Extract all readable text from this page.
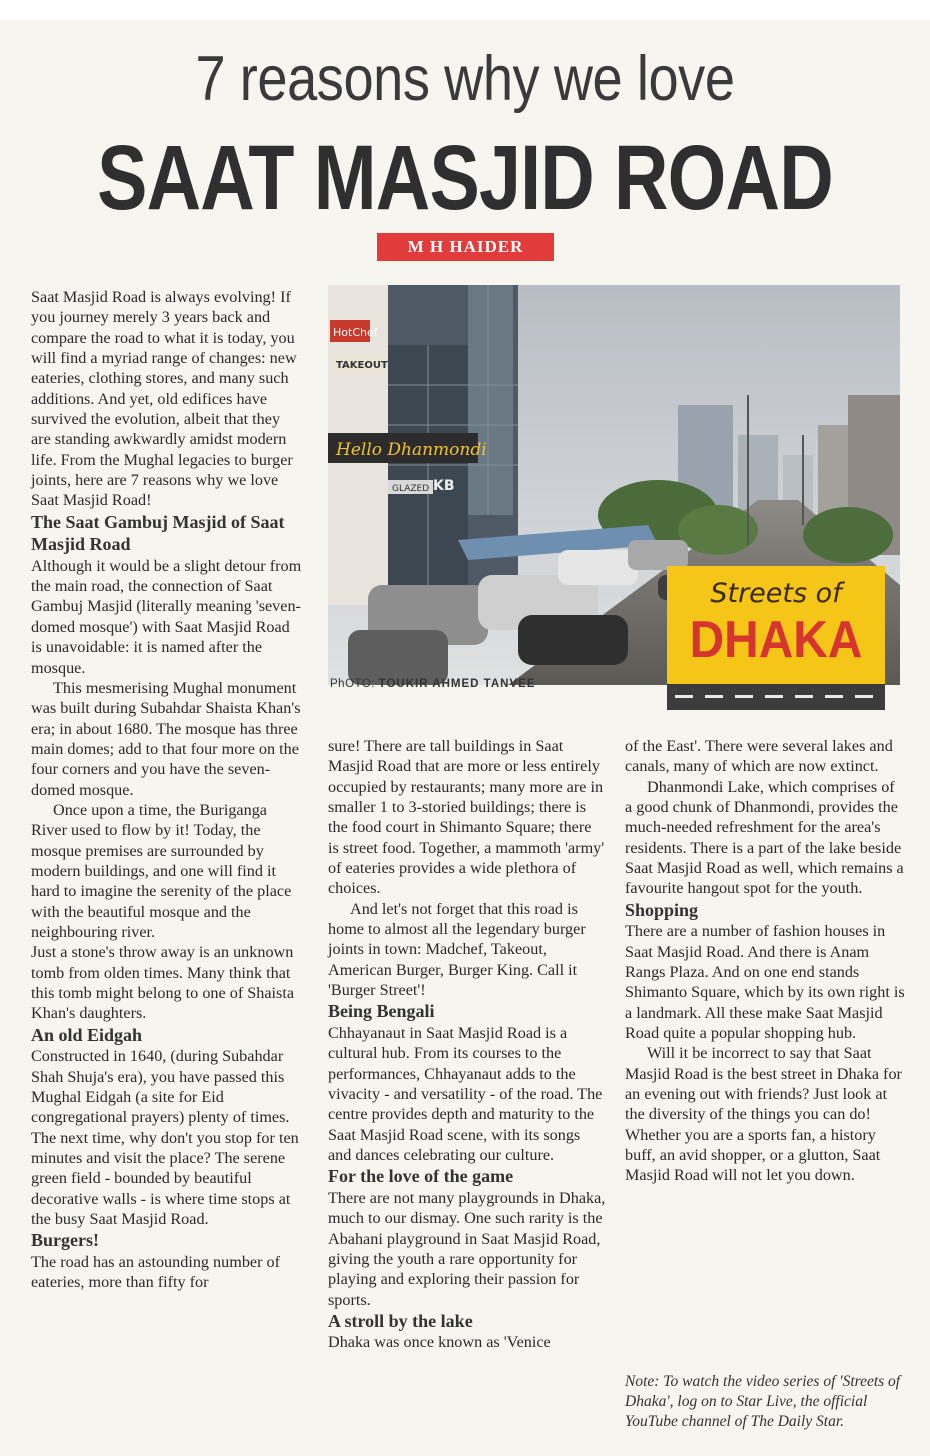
7 reasons why we love
SAAT MASJID ROAD
M H HAIDER

Saat Masjid Road is always evolving! If you journey merely 3 years back and compare the road to what it is today, you will find a myriad range of changes: new eateries, clothing stores, and many such additions. And yet, old edifices have survived the evolution, albeit that they are standing awkwardly amidst modern life. From the Mughal legacies to burger joints, here are 7 reasons why we love Saat Masjid Road!

The Saat Gambuj Masjid of Saat Masjid Road

Although it would be a slight detour from the main road, the connection of Saat Gambuj Masjid (literally meaning 'seven-domed mosque') with Saat Masjid Road is unavoidable: it is named after the mosque.

This mesmerising Mughal monument was built during Subahdar Shaista Khan's era; in about 1680. The mosque has three main domes; add to that four more on the four corners and you have the seven-domed mosque.

Once upon a time, the Buriganga River used to flow by it! Today, the mosque premises are surrounded by modern buildings, and one will find it hard to imagine the serenity of the place with the beautiful mosque and the neighbouring river.

Just a stone's throw away is an unknown tomb from olden times. Many think that this tomb might belong to one of Shaista Khan's daughters.

An old Eidgah

Constructed in 1640, (during Subahdar Shah Shuja's era), you have passed this Mughal Eidgah (a site for Eid congregational prayers) plenty of times. The next time, why don't you stop for ten minutes and visit the place? The serene green field - bounded by beautiful decorative walls - is where time stops at the busy Saat Masjid Road.

Burgers!

The road has an astounding number of eateries, more than fifty for

Hello Dhanmondi
HotChef
TAKEOUT
GLAZED KB
PhOTO: TOUKIR AHMED TANVEE
Streets of
DHAKA

sure! There are tall buildings in Saat Masjid Road that are more or less entirely occupied by restaurants; many more are in smaller 1 to 3-storied buildings; there is the food court in Shimanto Square; there is street food. Together, a mammoth 'army' of eateries provides a wide plethora of choices.

And let's not forget that this road is home to almost all the legendary burger joints in town: Madchef, Takeout, American Burger, Burger King. Call it 'Burger Street'!

Being Bengali

Chhayanaut in Saat Masjid Road is a cultural hub. From its courses to the performances, Chhayanaut adds to the vivacity - and versatility - of the road. The centre provides depth and maturity to the Saat Masjid Road scene, with its songs and dances celebrating our culture.

For the love of the game

There are not many playgrounds in Dhaka, much to our dismay. One such rarity is the Abahani playground in Saat Masjid Road, giving the youth a rare opportunity for playing and exploring their passion for sports.

A stroll by the lake

Dhaka was once known as 'Venice

of the East'. There were several lakes and canals, many of which are now extinct.

Dhanmondi Lake, which comprises of a good chunk of Dhanmondi, provides the much-needed refreshment for the area's residents. There is a part of the lake beside Saat Masjid Road as well, which remains a favourite hangout spot for the youth.

Shopping

There are a number of fashion houses in Saat Masjid Road. And there is Anam Rangs Plaza. And on one end stands Shimanto Square, which by its own right is a landmark. All these make Saat Masjid Road quite a popular shopping hub.

Will it be incorrect to say that Saat Masjid Road is the best street in Dhaka for an evening out with friends? Just look at the diversity of the things you can do! Whether you are a sports fan, a history buff, an avid shopper, or a glutton, Saat Masjid Road will not let you down.

Note: To watch the video series of 'Streets of Dhaka', log on to Star Live, the official YouTube channel of The Daily Star.
